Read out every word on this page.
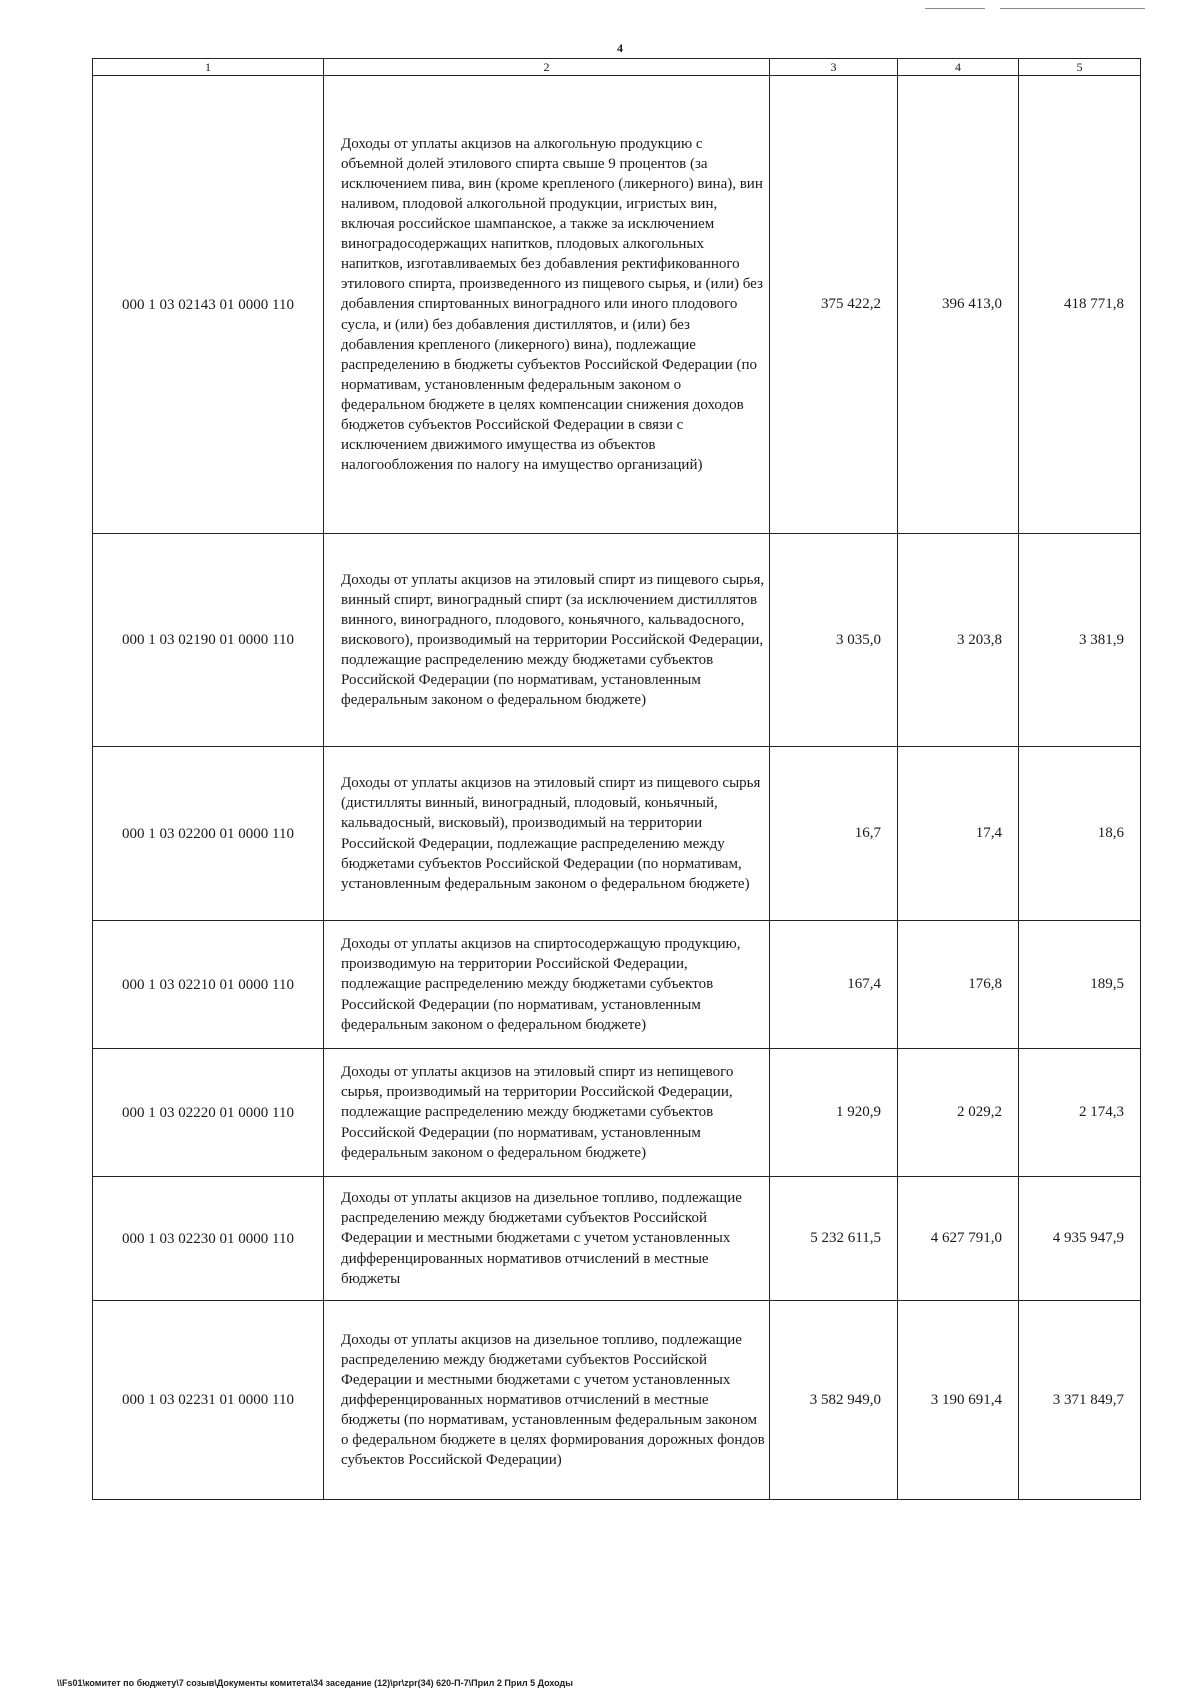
4
1	2	3	4	5
000 1 03 02143 01 0000 110	Доходы от уплаты акцизов на алкогольную продукцию с объемной долей этилового спирта свыше 9 процентов (за исключением пива, вин (кроме крепленого (ликерного) вина), вин наливом, плодовой алкогольной продукции, игристых вин, включая российское шампанское, а также за исключением виноградосодержащих напитков, плодовых алкогольных напитков, изготавливаемых без добавления ректификованного этилового спирта, произведенного из пищевого сырья, и (или) без добавления спиртованных виноградного или иного плодового сусла, и (или) без добавления дистиллятов, и (или) без добавления крепленого (ликерного) вина), подлежащие распределению в бюджеты субъектов Российской Федерации (по нормативам, установленным федеральным законом о федеральном бюджете в целях компенсации снижения доходов бюджетов субъектов Российской Федерации в связи с исключением движимого имущества из объектов налогообложения по налогу на имущество организаций)	375 422,2	396 413,0	418 771,8
000 1 03 02190 01 0000 110	Доходы от уплаты акцизов на этиловый спирт из пищевого сырья, винный спирт, виноградный спирт (за исключением дистиллятов винного, виноградного, плодового, коньячного, кальвадосного, вискового), производимый на территории Российской Федерации, подлежащие распределению между бюджетами субъектов Российской Федерации (по нормативам, установленным федеральным законом о федеральном бюджете)	3 035,0	3 203,8	3 381,9
000 1 03 02200 01 0000 110	Доходы от уплаты акцизов на этиловый спирт из пищевого сырья (дистилляты винный, виноградный, плодовый, коньячный, кальвадосный, висковый), производимый на территории Российской Федерации, подлежащие распределению между бюджетами субъектов Российской Федерации (по нормативам, установленным федеральным законом о федеральном бюджете)	16,7	17,4	18,6
000 1 03 02210 01 0000 110	Доходы от уплаты акцизов на спиртосодержащую продукцию, производимую на территории Российской Федерации, подлежащие распределению между бюджетами субъектов Российской Федерации (по нормативам, установленным федеральным законом о федеральном бюджете)	167,4	176,8	189,5
000 1 03 02220 01 0000 110	Доходы от уплаты акцизов на этиловый спирт из непищевого сырья, производимый на территории Российской Федерации, подлежащие распределению между бюджетами субъектов Российской Федерации (по нормативам, установленным федеральным законом о федеральном бюджете)	1 920,9	2 029,2	2 174,3
000 1 03 02230 01 0000 110	Доходы от уплаты акцизов на дизельное топливо, подлежащие распределению между бюджетами субъектов Российской Федерации и местными бюджетами с учетом установленных дифференцированных нормативов отчислений в местные бюджеты	5 232 611,5	4 627 791,0	4 935 947,9
000 1 03 02231 01 0000 110	Доходы от уплаты акцизов на дизельное топливо, подлежащие распределению между бюджетами субъектов Российской Федерации и местными бюджетами с учетом установленных дифференцированных нормативов отчислений в местные бюджеты (по нормативам, установленным федеральным законом о федеральном бюджете в целях формирования дорожных фондов субъектов Российской Федерации)	3 582 949,0	3 190 691,4	3 371 849,7
\\Fs01\комитет по бюджету\7 созыв\Документы комитета\34 заседание (12)\pr\zpr(34) 620-П-7\Прил 2 Прил 5 Доходы
